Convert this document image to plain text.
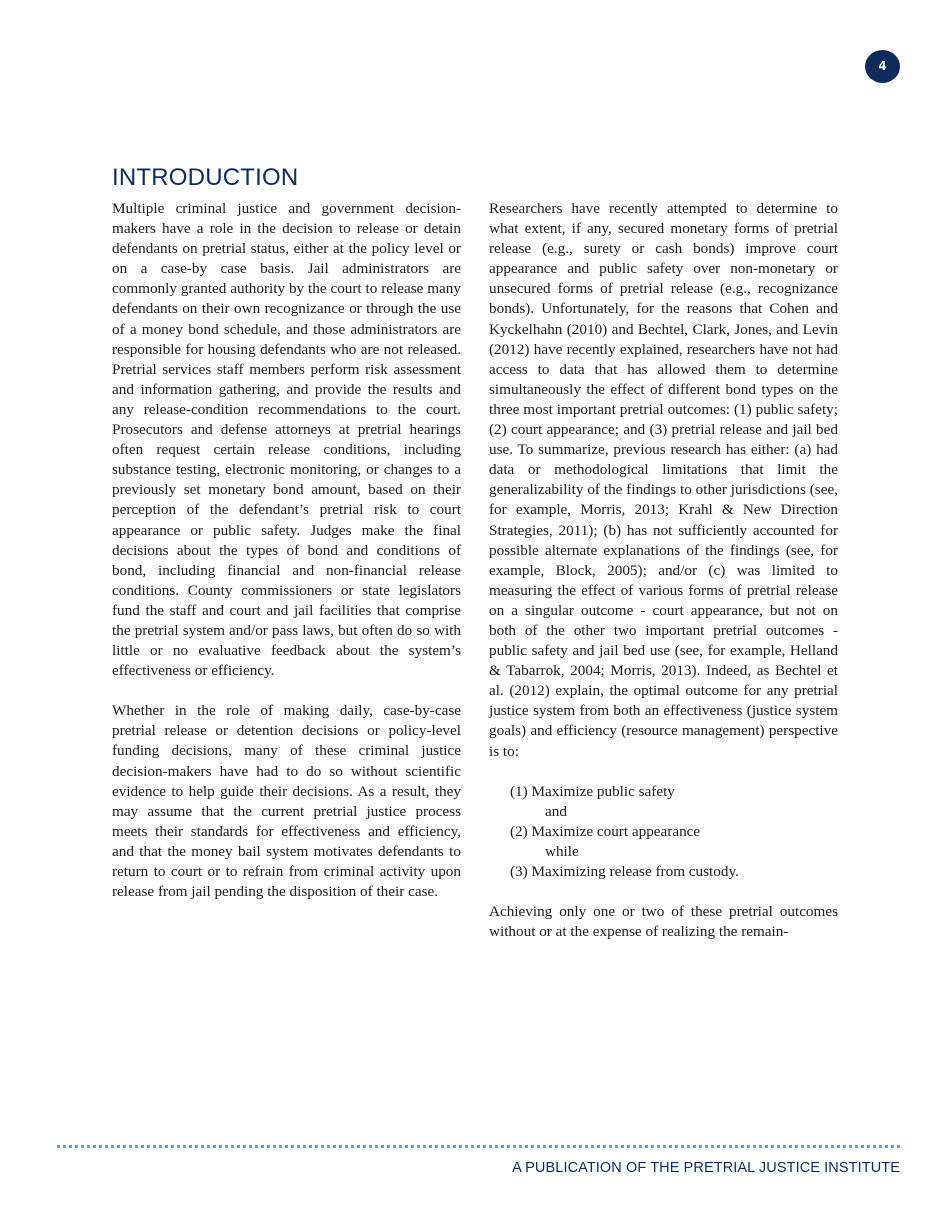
4
INTRODUCTION

Multiple criminal justice and government decision-makers have a role in the decision to release or detain defendants on pretrial status, either at the policy level or on a case-by case basis. Jail administrators are commonly granted authority by the court to release many defendants on their own recognizance or through the use of a money bond schedule, and those administrators are responsible for housing defendants who are not released. Pretrial services staff members perform risk assessment and information gathering, and provide the results and any release-condition recommendations to the court. Prosecutors and defense attorneys at pretrial hearings often request certain release conditions, including substance testing, electronic monitoring, or changes to a previously set monetary bond amount, based on their perception of the defendant’s pretrial risk to court appearance or public safety. Judges make the final decisions about the types of bond and conditions of bond, including financial and non-financial release conditions. County commissioners or state legislators fund the staff and court and jail facilities that comprise the pretrial system and/or pass laws, but often do so with little or no evaluative feedback about the system’s effectiveness or efficiency.

Whether in the role of making daily, case-by-case pretrial release or detention decisions or policy-level funding decisions, many of these criminal justice decision-makers have had to do so without scientific evidence to help guide their decisions. As a result, they may assume that the current pretrial justice process meets their standards for effectiveness and efficiency, and that the money bail system motivates defendants to return to court or to refrain from criminal activity upon release from jail pending the disposition of their case.

Researchers have recently attempted to determine to what extent, if any, secured monetary forms of pretrial release (e.g., surety or cash bonds) improve court appearance and public safety over non-monetary or unsecured forms of pretrial release (e.g., recognizance bonds). Unfortunately, for the reasons that Cohen and Kyckelhahn (2010) and Bechtel, Clark, Jones, and Levin (2012) have recently explained, researchers have not had access to data that has allowed them to determine simultaneously the effect of different bond types on the three most important pretrial outcomes: (1) public safety; (2) court appearance; and (3) pretrial release and jail bed use. To summarize, previous research has either: (a) had data or methodological limitations that limit the generalizability of the findings to other jurisdictions (see, for example, Morris, 2013; Krahl & New Direction Strategies, 2011); (b) has not sufficiently accounted for possible alternate explanations of the findings (see, for example, Block, 2005); and/or (c) was limited to measuring the effect of various forms of pretrial release on a singular outcome - court appearance, but not on both of the other two important pretrial outcomes - public safety and jail bed use (see, for example, Helland & Tabarrok, 2004; Morris, 2013). Indeed, as Bechtel et al. (2012) explain, the optimal outcome for any pretrial justice system from both an effectiveness (justice system goals) and efficiency (resource management) perspective is to:

(1) Maximize public safety
and
(2) Maximize court appearance
while
(3) Maximizing release from custody.

Achieving only one or two of these pretrial outcomes without or at the expense of realizing the remain-

A PUBLICATION OF THE PRETRIAL JUSTICE INSTITUTE
